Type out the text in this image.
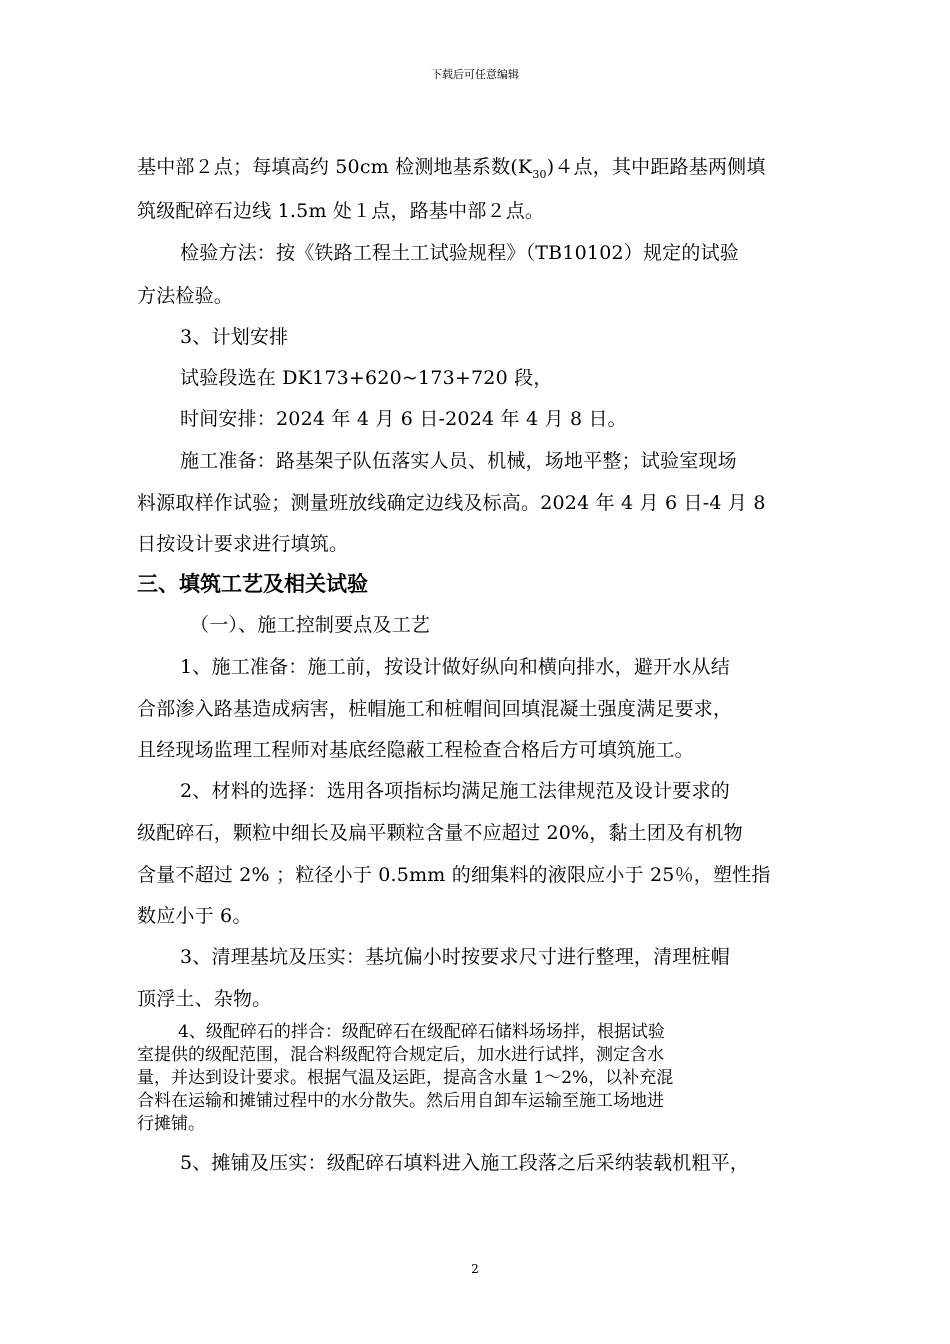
下载后可任意编辑
基中部２点；每填高约 50cm 检测地基系数$(K_{30})4$点，其中距路基两侧填
筑级配碎石边线 1.5m 处１点，路基中部２点。
检验方法：按《铁路工程土工试验规程》（TB10102）规定的试验
方法检验。
3、计划安排
试验段选在 DK173+620~173+720 段，
时间安排：2024 年 4 月 6 日-2024 年 4 月 8 日。
施工准备：路基架子队伍落实人员、机械，场地平整；试验室现场
料源取样作试验；测量班放线确定边线及标高。2024 年 4 月 6 日-4 月 8
日按设计要求进行填筑。
三、填筑工艺及相关试验
（一）、施工控制要点及工艺
1、施工准备：施工前，按设计做好纵向和横向排水，避开水从结
合部渗入路基造成病害，桩帽施工和桩帽间回填混凝土强度满足要求，
且经现场监理工程师对基底经隐蔽工程检查合格后方可填筑施工。
2、材料的选择：选用各项指标均满足施工法律规范及设计要求的
级配碎石，颗粒中细长及扁平颗粒含量不应超过 20%，黏土团及有机物
含量不超过 2% ；粒径小于 0.5mm 的细集料的液限应小于 25％，塑性指
数应小于 6。
3、清理基坑及压实：基坑偏小时按要求尺寸进行整理，清理桩帽
顶浮土、杂物。
4、级配碎石的拌合：级配碎石在级配碎石储料场场拌，根据试验
室提供的级配范围，混合料级配符合规定后，加水进行试拌，测定含水
量，并达到设计要求。根据气温及运距，提高含水量 1～2%，以补充混
合料在运输和摊铺过程中的水分散失。然后用自卸车运输至施工场地进
行摊铺。
5、摊铺及压实：级配碎石填料进入施工段落之后采纳装载机粗平，
2
